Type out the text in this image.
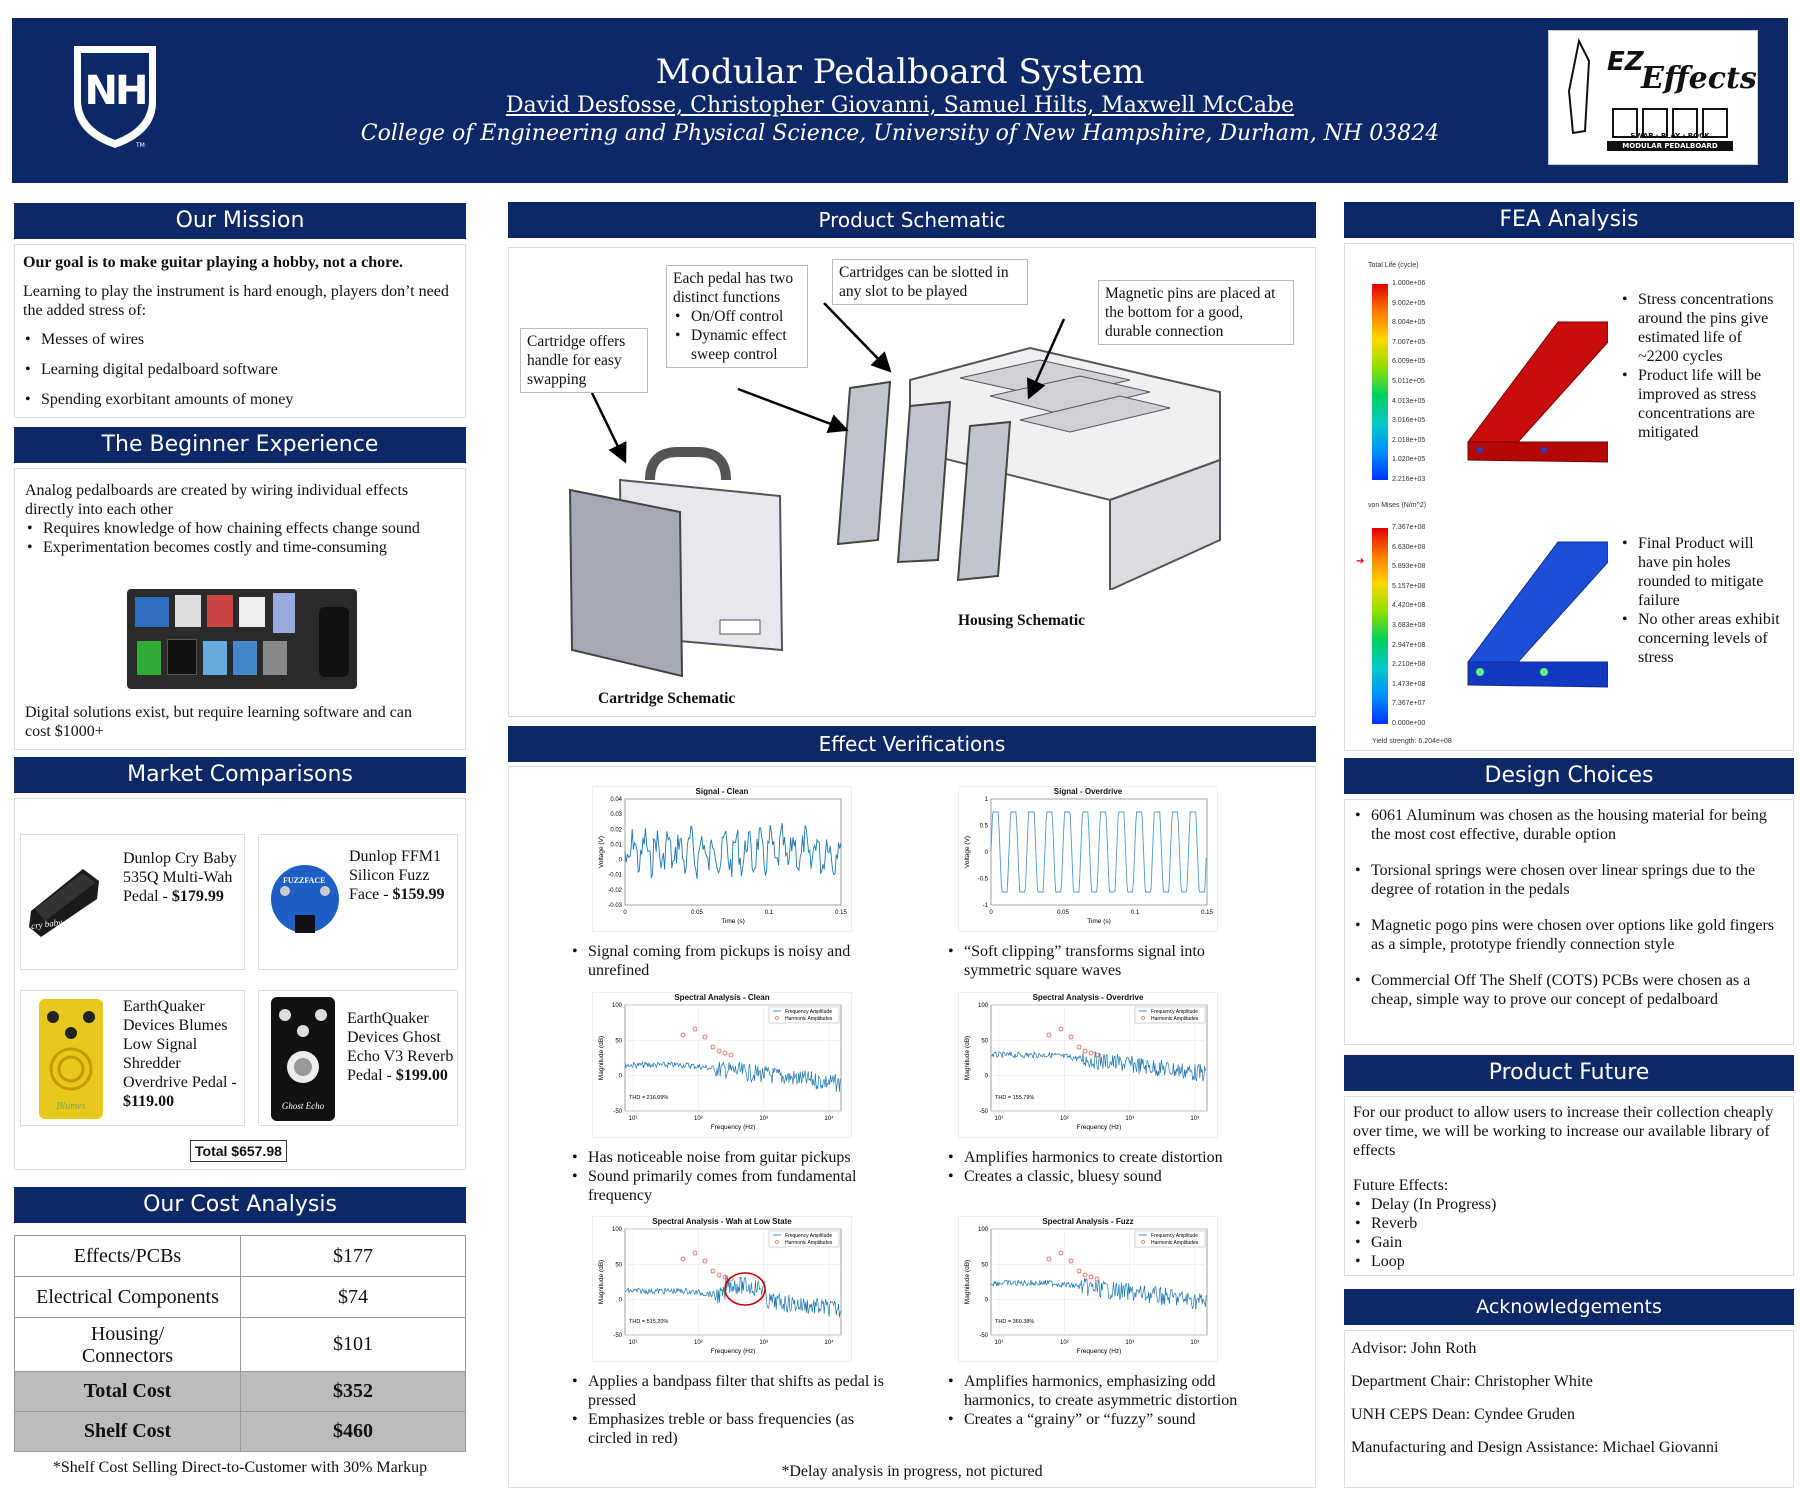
NH
TM
Modular Pedalboard System
David Desfosse, Christopher Giovanni, Samuel Hilts, Maxwell McCabe
College of Engineering and Physical Science, University of New Hampshire, Durham, NH 03824
EZ
Effects
SWAP · PLAY · ROCK
MODULAR PEDALBOARD
Our Mission
Our goal is to make guitar playing a hobby, not a chore.
Learning to play the instrument is hard enough, players don’t need the added stress of:
• Messes of wires
• Learning digital pedalboard software
• Spending exorbitant amounts of money
The Beginner Experience
Analog pedalboards are created by wiring individual effects directly into each other
• Requires knowledge of how chaining effects change sound
• Experimentation becomes costly and time-consuming
Digital solutions exist, but require learning software and can cost $1000+
Market Comparisons
cry baby
Dunlop Cry Baby 535Q Multi-Wah Pedal - $179.99
FUZZFACE
Dunlop FFM1 Silicon Fuzz Face - $159.99
Blumes
EarthQuaker Devices Blumes Low Signal Shredder Overdrive Pedal - $119.00	Ghost Echo
EarthQuaker Devices Ghost Echo V3 Reverb Pedal - $199.00
Total $657.98
Our Cost Analysis
Effects/PCBs	$177
Electrical Components	$74
Housing/ Connectors	$101
Total Cost	$352
Shelf Cost	$460
*Shelf Cost Selling Direct-to-Customer with 30% Markup
Product Schematic
Cartridge offers handle for easy swapping
Each pedal has two distinct functions
• On/Off control
• Dynamic effect sweep control
Cartridges can be slotted in any slot to be played	Magnetic pins are placed at the bottom for a good, durable connection
Cartridge Schematic
Housing Schematic
Effect Verifications
Signal - Clean
0.04
0.03
0.02
0.01
0
-0.01
-0.02
-0.03
0	0.05	0.1	0.15
Time (s)
Voltage (V)
Signal - Overdrive
1
0.5
0
-0.5
-1
0	0.05	0.1	0.15
Time (s)
Voltage (V)
Spectral Analysis - Clean
100
50
0
-50
10¹	10²	10³	10⁴
Frequency (Hz)
Magnitude (dB)
Frequency Amplitude
Harmonic Amplitudes
THD = 216.09%
Spectral Analysis - Overdrive
100
50
0
-50
10¹	10²	10³	10⁴
Frequency (Hz)
Magnitude (dB)
Frequency Amplitude
Harmonic Amplitudes
THD = 155.79%
Spectral Analysis - Wah at Low State
100
50
0
-50
10¹	10²	10³	10⁴
Frequency (Hz)
Magnitude (dB)
Frequency Amplitude
Harmonic Amplitudes
THD = 515.20%
Spectral Analysis - Fuzz
100
50
0
-50
10¹	10²	10³	10⁴
Frequency (Hz)
Magnitude (dB)
Frequency Amplitude
Harmonic Amplitudes
THD = 360.38%
• Signal coming from pickups is noisy and unrefined
• “Soft clipping” transforms signal into symmetric square waves
• Has noticeable noise from guitar pickups
• Sound primarily comes from fundamental frequency
• Amplifies harmonics to create distortion
• Creates a classic, bluesy sound
• Applies a bandpass filter that shifts as pedal is pressed
• Emphasizes treble or bass frequencies (as circled in red)
• Amplifies harmonics, emphasizing odd harmonics, to create asymmetric distortion
• Creates a “grainy” or “fuzzy” sound
*Delay analysis in progress, not pictured
FEA Analysis
Total Life (cycle)
1.000e+06
9.002e+05
8.004e+05
7.007e+05
6.009e+05
5.011e+05
4.013e+05
3.016e+05
2.018e+05
1.020e+05
2.216e+03
• Stress concentrations around the pins give estimated life of ~2200 cycles
• Product life will be improved as stress concentrations are mitigated
von Mises (N/m^2)
7.367e+08
6.630e+08
5.893e+08
5.157e+08
4.420e+08
3.683e+08
2.947e+08
2.210e+08
1.473e+08
7.367e+07
0.000e+00
➔
Yield strength: 6.204e+08
• Final Product will have pin holes rounded to mitigate failure
• No other areas exhibit concerning levels of stress
Design Choices
• 6061 Aluminum was chosen as the housing material for being the most cost effective, durable option
• Torsional springs were chosen over linear springs due to the degree of rotation in the pedals
• Magnetic pogo pins were chosen over options like gold fingers as a simple, prototype friendly connection style
• Commercial Off The Shelf (COTS) PCBs were chosen as a cheap, simple way to prove our concept of pedalboard
Product Future
For our product to allow users to increase their collection cheaply over time, we will be working to increase our available library of effects
Future Effects:
• Delay (In Progress)
• Reverb
• Gain
• Loop
Acknowledgements
Advisor: John Roth
Department Chair: Christopher White
UNH CEPS Dean: Cyndee Gruden
Manufacturing and Design Assistance: Michael Giovanni
